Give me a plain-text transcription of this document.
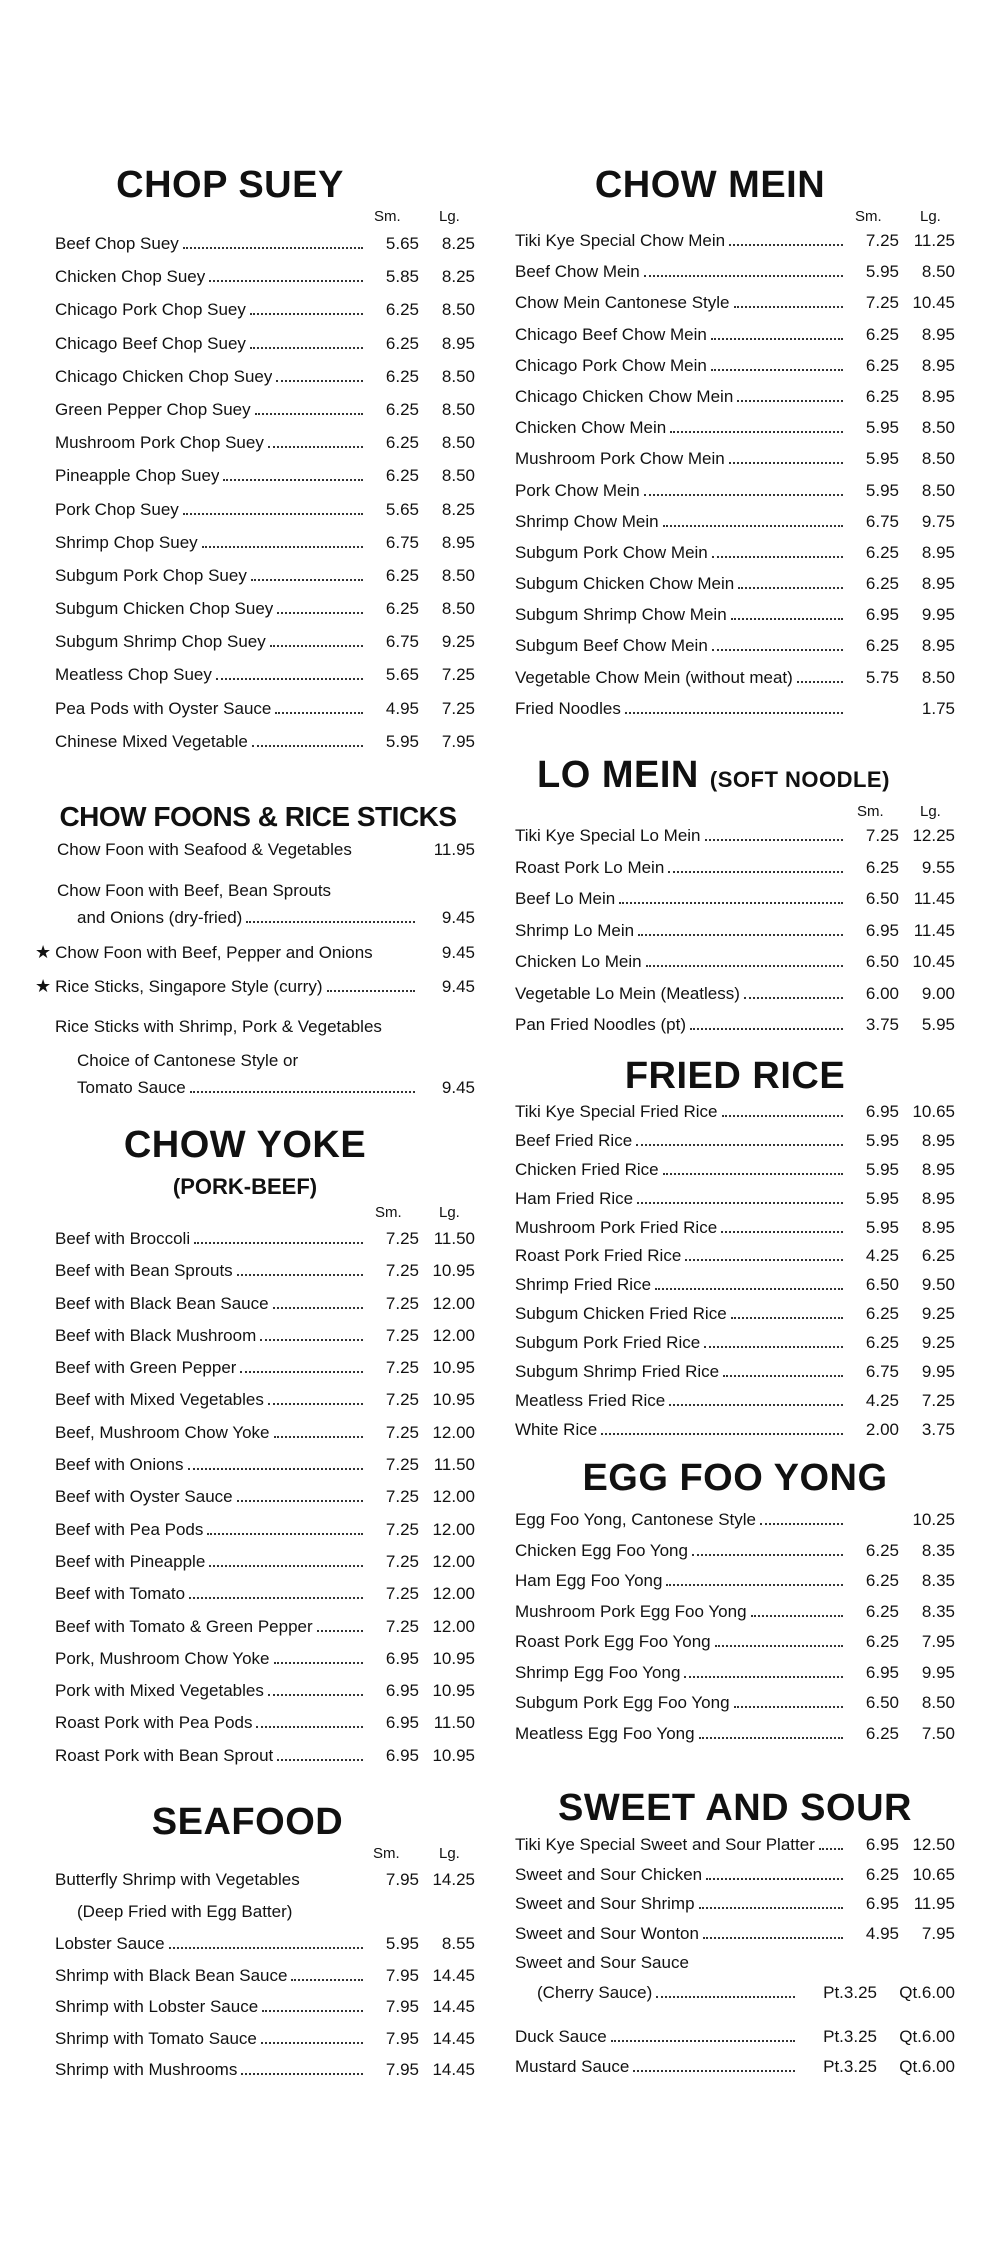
CHOP SUEY
Sm.	Lg.
Beef Chop Suey	5.65	8.25
Chicken Chop Suey	5.85	8.25
Chicago Pork Chop Suey	6.25	8.50
Chicago Beef Chop Suey	6.25	8.95
Chicago Chicken Chop Suey	6.25	8.50
Green Pepper Chop Suey	6.25	8.50
Mushroom Pork Chop Suey	6.25	8.50
Pineapple Chop Suey	6.25	8.50
Pork Chop Suey	5.65	8.25
Shrimp Chop Suey	6.75	8.95
Subgum Pork Chop Suey	6.25	8.50
Subgum Chicken Chop Suey	6.25	8.50
Subgum Shrimp Chop Suey	6.75	9.25
Meatless Chop Suey	5.65	7.25
Pea Pods with Oyster Sauce	4.95	7.25
Chinese Mixed Vegetable	5.95	7.95
CHOW FOONS & RICE STICKS
Chow Foon with Seafood & Vegetables	11.95
Chow Foon with Beef, Bean Sprouts
and Onions (dry-fried)	9.45
★ Chow Foon with Beef, Pepper and Onions	9.45
★ Rice Sticks, Singapore Style (curry)	9.45
Rice Sticks with Shrimp, Pork & Vegetables
Choice of Cantonese Style or
Tomato Sauce	9.45
CHOW YOKE
(PORK-BEEF)
Sm. Lg.
Beef with Broccoli	7.25 11.50
Beef with Bean Sprouts	7.25 10.95
Beef with Black Bean Sauce	7.25 12.00
Beef with Black Mushroom	7.25 12.00
Beef with Green Pepper	7.25 10.95
Beef with Mixed Vegetables	7.25 10.95
Beef, Mushroom Chow Yoke	7.25 12.00
Beef with Onions	7.25 11.50
Beef with Oyster Sauce	7.25 12.00
Beef with Pea Pods	7.25 12.00
Beef with Pineapple	7.25 12.00
Beef with Tomato	7.25 12.00
Beef with Tomato & Green Pepper	7.25 12.00
Pork, Mushroom Chow Yoke	6.95 10.95
Pork with Mixed Vegetables	6.95 10.95
Roast Pork with Pea Pods	6.95 11.50
Roast Pork with Bean Sprout	6.95 10.95
SEAFOOD
Sm.	Lg.
Butterfly Shrimp with Vegetables	7.95 14.25
(Deep Fried with Egg Batter)
Lobster Sauce	5.95	8.55
Shrimp with Black Bean Sauce	7.95 14.45
Shrimp with Lobster Sauce	7.95 14.45
Shrimp with Tomato Sauce	7.95 14.45
Shrimp with Mushrooms	7.95 14.45
CHOW MEIN
Sm.	Lg.
Tiki Kye Special Chow Mein	7.25 11.25
Beef Chow Mein	5.95	8.50
Chow Mein Cantonese Style	7.25 10.45
Chicago Beef Chow Mein	6.25	8.95
Chicago Pork Chow Mein	6.25	8.95
Chicago Chicken Chow Mein	6.25	8.95
Chicken Chow Mein	5.95	8.50
Mushroom Pork Chow Mein	5.95	8.50
Pork Chow Mein	5.95	8.50
Shrimp Chow Mein	6.75	9.75
Subgum Pork Chow Mein	6.25	8.95
Subgum Chicken Chow Mein	6.25	8.95
Subgum Shrimp Chow Mein	6.95	9.95
Subgum Beef Chow Mein	6.25	8.95
Vegetable Chow Mein (without meat)	5.75	8.50
Fried Noodles	1.75
LO MEIN (SOFT NOODLE)
Sm. Lg.
Tiki Kye Special Lo Mein	7.25 12.25
Roast Pork Lo Mein	6.25	9.55
Beef Lo Mein	6.50 11.45
Shrimp Lo Mein	6.95 11.45
Chicken Lo Mein	6.50 10.45
Vegetable Lo Mein (Meatless)	6.00	9.00
Pan Fried Noodles (pt)	3.75	5.95
FRIED RICE
Tiki Kye Special Fried Rice	6.95 10.65
Beef Fried Rice	5.95	8.95
Chicken Fried Rice	5.95	8.95
Ham Fried Rice	5.95	8.95
Mushroom Pork Fried Rice	5.95	8.95
Roast Pork Fried Rice	4.25	6.25
Shrimp Fried Rice	6.50	9.50
Subgum Chicken Fried Rice	6.25	9.25
Subgum Pork Fried Rice	6.25	9.25
Subgum Shrimp Fried Rice	6.75	9.95
Meatless Fried Rice	4.25	7.25
White Rice	2.00	3.75
EGG FOO YONG
Egg Foo Yong, Cantonese Style	10.25
Chicken Egg Foo Yong	6.25	8.35
Ham Egg Foo Yong	6.25	8.35
Mushroom Pork Egg Foo Yong	6.25	8.35
Roast Pork Egg Foo Yong	6.25	7.95
Shrimp Egg Foo Yong	6.95	9.95
Subgum Pork Egg Foo Yong	6.50	8.50
Meatless Egg Foo Yong	6.25	7.50
SWEET AND SOUR
Tiki Kye Special Sweet and Sour Platter	6.95 12.50
Sweet and Sour Chicken	6.25 10.65
Sweet and Sour Shrimp	6.95 11.95
Sweet and Sour Wonton	4.95	7.95
Sweet and Sour Sauce
(Cherry Sauce)	Pt.3.25	Qt.6.00
Duck Sauce	Pt.3.25	Qt.6.00
Mustard Sauce	Pt.3.25	Qt.6.00
